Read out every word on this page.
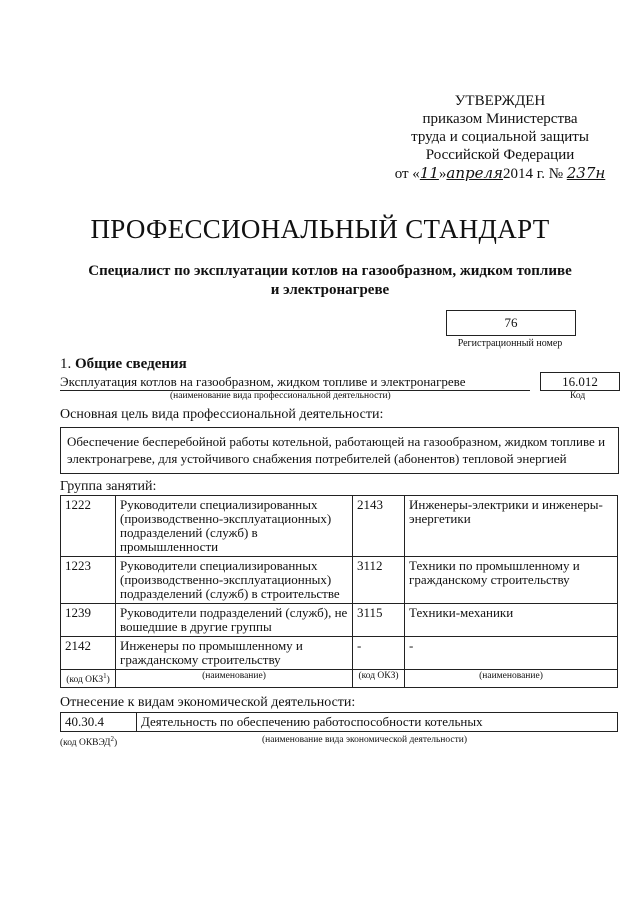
УТВЕРЖДЕН
приказом Министерства
труда и социальной защиты
Российской Федерации
от «11»апреля2014 г. № 237н
ПРОФЕССИОНАЛЬНЫЙ СТАНДАРТ
Специалист по эксплуатации котлов на газообразном, жидком топливе
и электронагреве
76
Регистрационный номер
1. Общие сведения
Эксплуатация котлов на газообразном, жидком топливе и электронагреве	16.012
(наименование вида профессиональной деятельности)	Код
Основная цель вида профессиональной деятельности:
Обеспечение бесперебойной работы котельной, работающей на газообразном, жидком топливе и электронагреве, для устойчивого снабжения потребителей (абонентов) тепловой энергией
Группа занятий:
1222	Руководители специализированных (производственно-эксплуатационных) подразделений (служб) в промышленности	2143	Инженеры-электрики и инженеры-энергетики
1223	Руководители специализированных (производственно-эксплуатационных) подразделений (служб) в строительстве	3112	Техники по промышленному и гражданскому строительству
1239	Руководители подразделений (служб), не вошедшие в другие группы	3115	Техники-механики
2142	Инженеры по промышленному и гражданскому строительству	-	-
(код ОКЗ$^1$)	(наименование)	(код ОКЗ)	(наименование)
Отнесение к видам экономической деятельности:
40.30.4	Деятельность по обеспечению работоспособности котельных
(код ОКВЭД$^2$)	(наименование вида экономической деятельности)
